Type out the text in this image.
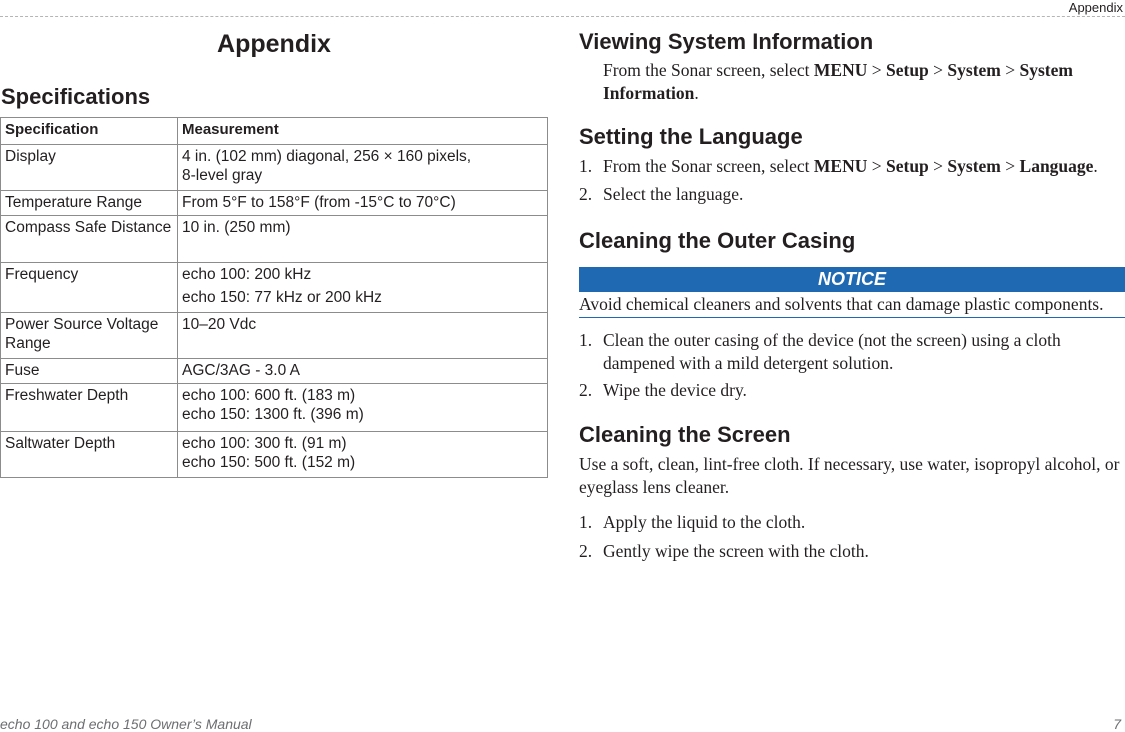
Appendix
Appendix
Specifications
Specification	Measurement
Display	4 in. (102 mm) diagonal, 256 × 160 pixels,
8-level gray

Temperature Range	From 5°F to 158°F (from -15°C to 70°C)
Compass Safe Distance	10 in. (250 mm)
Frequency	echo 100: 200 kHz
echo 150: 77 kHz or 200 kHz

Power Source Voltage Range	10–20 Vdc
Fuse	AGC/3AG - 3.0 A
Freshwater Depth	echo 100: 600 ft. (183 m)
echo 150: 1300 ft. (396 m)

Saltwater Depth	echo 100: 300 ft. (91 m)
echo 150: 500 ft. (152 m)
Viewing System Information
From the Sonar screen, select MENU > Setup > System > System
Information.
Setting the Language
1. From the Sonar screen, select MENU > Setup > System > Language.
2. Select the language.
Cleaning the Outer Casing
NOTICE
Avoid chemical cleaners and solvents that can damage plastic components.
1. Clean the outer casing of the device (not the screen) using a cloth dampened with a mild detergent solution.
2. Wipe the device dry.
Cleaning the Screen
Use a soft, clean, lint-free cloth. If necessary, use water, isopropyl alcohol, or eyeglass lens cleaner.
1. Apply the liquid to the cloth.
2. Gently wipe the screen with the cloth.
echo 100 and echo 150 Owner’s Manual	7
